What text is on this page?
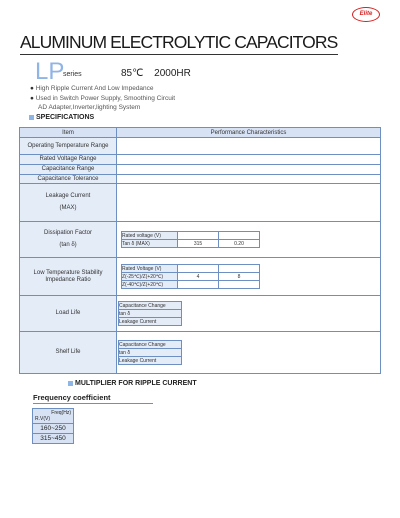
Elite
ALUMINUM ELECTROLYTIC CAPACITORS
LP
series	85℃ 2000HR
● High Ripple Current And Low Impedance
● Used in Switch Power Supply, Smoothing Circuit
AD Adapter,Inverter,lighting System
SPECIFICATIONS
Item	Performance Characteristics
Operating Temperature Range	
Rated Voltage Range	
Capacitance Range	
Capacitance Tolerance	

Leakage Current
(MAX)

Dissipation Factor
(tan δ)

Rated voltage (V)		
Tan δ (MAX)	315	0.20

Low Temperature Stability Impedance Ratio	
Rated Voltage (V)		
Z(-25℃)/Z(+20℃)	4	8
Z(-40℃)/Z(+20℃)		

Load Life	
Capacitance Change
tan δ
Leakage Current

Shelf Life	
Capacitance Change
tan δ
Leakage Current
MULTIPLIER FOR RIPPLE CURRENT
Frequency coefficient
Freq(Hz)
R.V(V)

160~250
315~450
